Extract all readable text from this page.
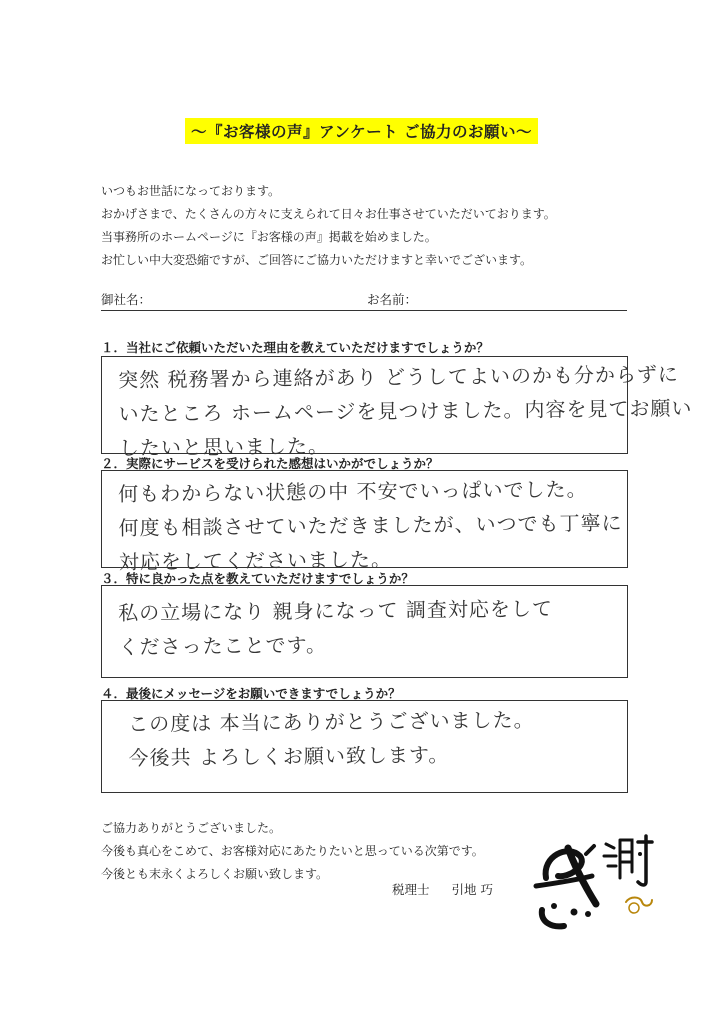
～『お客様の声』アンケート ご協力のお願い～
いつもお世話になっております。
おかげさまで、たくさんの方々に支えられて日々お仕事させていただいております。
当事務所のホームページに『お客様の声』掲載を始めました。
お忙しい中大変恐縮ですが、ご回答にご協力いただけますと幸いでございます。
御社名：	お名前：
１．当社にご依頼いただいた理由を教えていただけますでしょうか？
突然 税務署から連絡があり どうしてよいのかも分からずに
いたところ ホームページを見つけました。内容を見てお願い
したいと思いました。
２．実際にサービスを受けられた感想はいかがでしょうか？
何もわからない状態の中 不安でいっぱいでした。
何度も相談させていただきましたが、いつでも丁寧に
対応をしてくださいました。
３．特に良かった点を教えていただけますでしょうか？
私の立場になり 親身になって 調査対応をして
くださったことです。
４．最後にメッセージをお願いできますでしょうか？
この度は 本当にありがとうございました。
今後共 よろしくお願い致します。
ご協力ありがとうございました。
今後も真心をこめて、お客様対応にあたりたいと思っている次第です。
今後とも末永くよろしくお願い致します。
税理士 引地 巧
